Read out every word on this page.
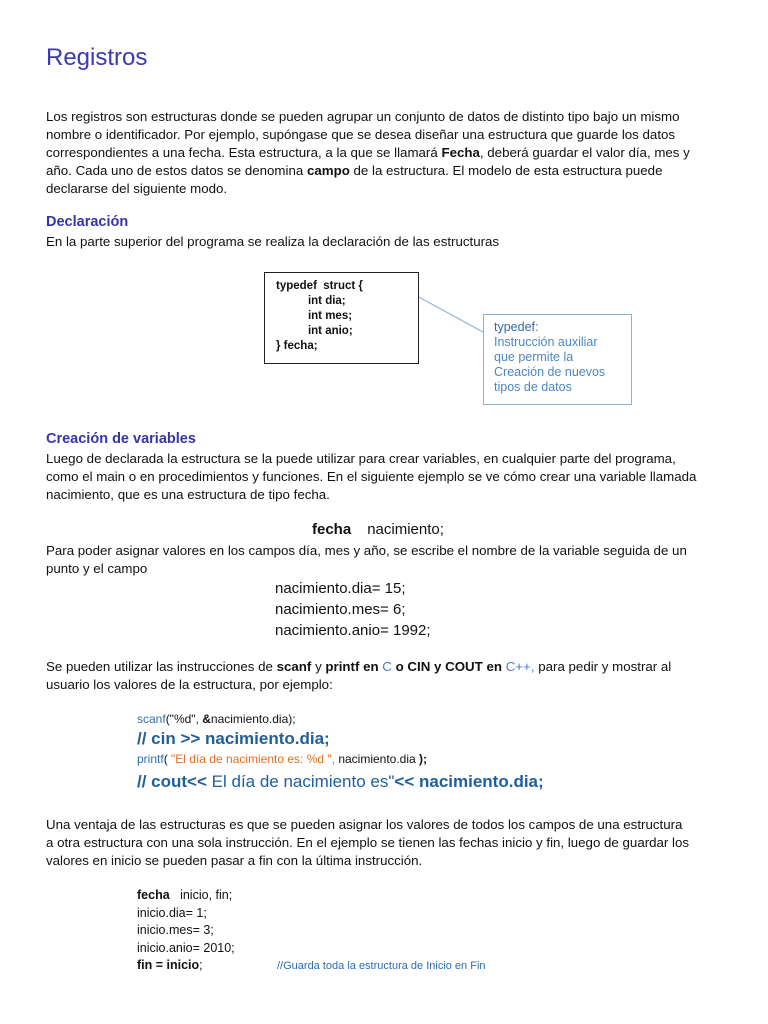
Registros
Los registros son estructuras donde se pueden agrupar un conjunto de datos de distinto tipo bajo un mismo
nombre o identificador. Por ejemplo, supóngase que se desea diseñar una estructura que guarde los datos
correspondientes a una fecha. Esta estructura, a la que se llamará Fecha, deberá guardar el valor día, mes y
año. Cada uno de estos datos se denomina campo de la estructura. El modelo de esta estructura puede
declararse del siguiente modo.
Declaración
En la parte superior del programa se realiza la declaración de las estructuras
typedef  struct {
int dia;
int mes;
int anio;
} fecha;
typedef:
Instrucción auxiliar
que permite la
Creación de nuevos
tipos de datos
Creación de variables
Luego de declarada la estructura se la puede utilizar para crear variables, en cualquier parte del programa,
como el main o en procedimientos y funciones. En el siguiente ejemplo se ve cómo crear una variable llamada
nacimiento, que es una estructura de tipo fecha.
fecha nacimiento;
Para poder asignar valores en los campos día, mes y año, se escribe el nombre de la variable seguida de un
punto y el campo
nacimiento.dia= 15;
nacimiento.mes= 6;
nacimiento.anio= 1992;
Se pueden utilizar las instrucciones de scanf y printf en C o CIN y COUT en C++, para pedir y mostrar al
usuario los valores de la estructura, por ejemplo:
scanf("%d", &nacimiento.dia);
// cin >> nacimiento.dia;
printf( "El día de nacimiento es: %d ", nacimiento.dia );
// cout<< El día de nacimiento es"<< nacimiento.dia;
Una ventaja de las estructuras es que se pueden asignar los valores de todos los campos de una estructura
a otra estructura con una sola instrucción. En el ejemplo se tienen las fechas inicio y fin, luego de guardar los
valores en inicio se pueden pasar a fin con la última instrucción.
fecha   inicio, fin;
inicio.dia= 1;
inicio.mes= 3;
inicio.anio= 2010;
fin = inicio;	//Guarda toda la estructura de Inicio en Fin
